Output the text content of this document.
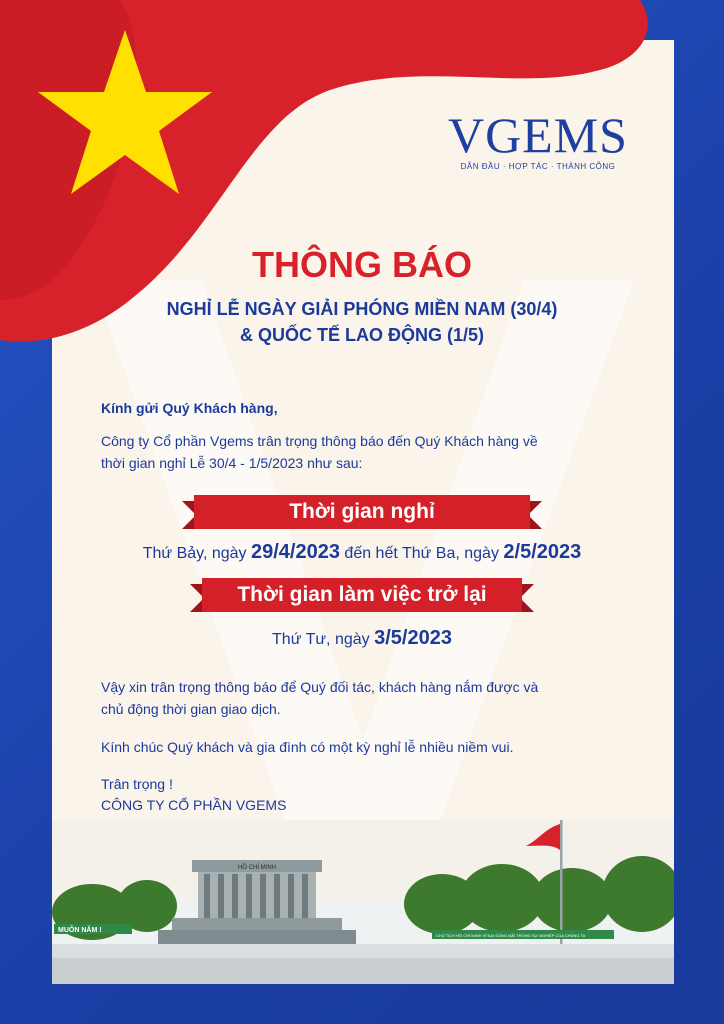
VGEMS
DẪN ĐẦU · HỢP TÁC · THÀNH CÔNG
THÔNG BÁO
NGHỈ LỄ NGÀY GIẢI PHÓNG MIỀN NAM (30/4)
& QUỐC TẾ LAO ĐỘNG (1/5)
Kính gửi Quý Khách hàng,
Công ty Cổ phần Vgems trân trọng thông báo đến Quý Khách hàng về
thời gian nghỉ Lễ 30/4 - 1/5/2023 như sau:
Thời gian nghỉ
Thứ Bảy, ngày 29/4/2023 đến hết Thứ Ba, ngày 2/5/2023
Thời gian làm việc trở lại
Thứ Tư, ngày 3/5/2023
Vậy xin trân trọng thông báo để Quý đối tác, khách hàng nắm được và
chủ động thời gian giao dịch.
Kính chúc Quý khách và gia đình có một kỳ nghỉ lễ nhiều niềm vui.
Trân trọng !
CÔNG TY CỔ PHẦN VGEMS
HỒ CHÍ MINH
MUÔN NĂM !
CHỦ TỊCH HỒ CHÍ MINH VĨ ĐẠI SỐNG MÃI TRONG SỰ NGHIỆP CỦA CHÚNG TA
